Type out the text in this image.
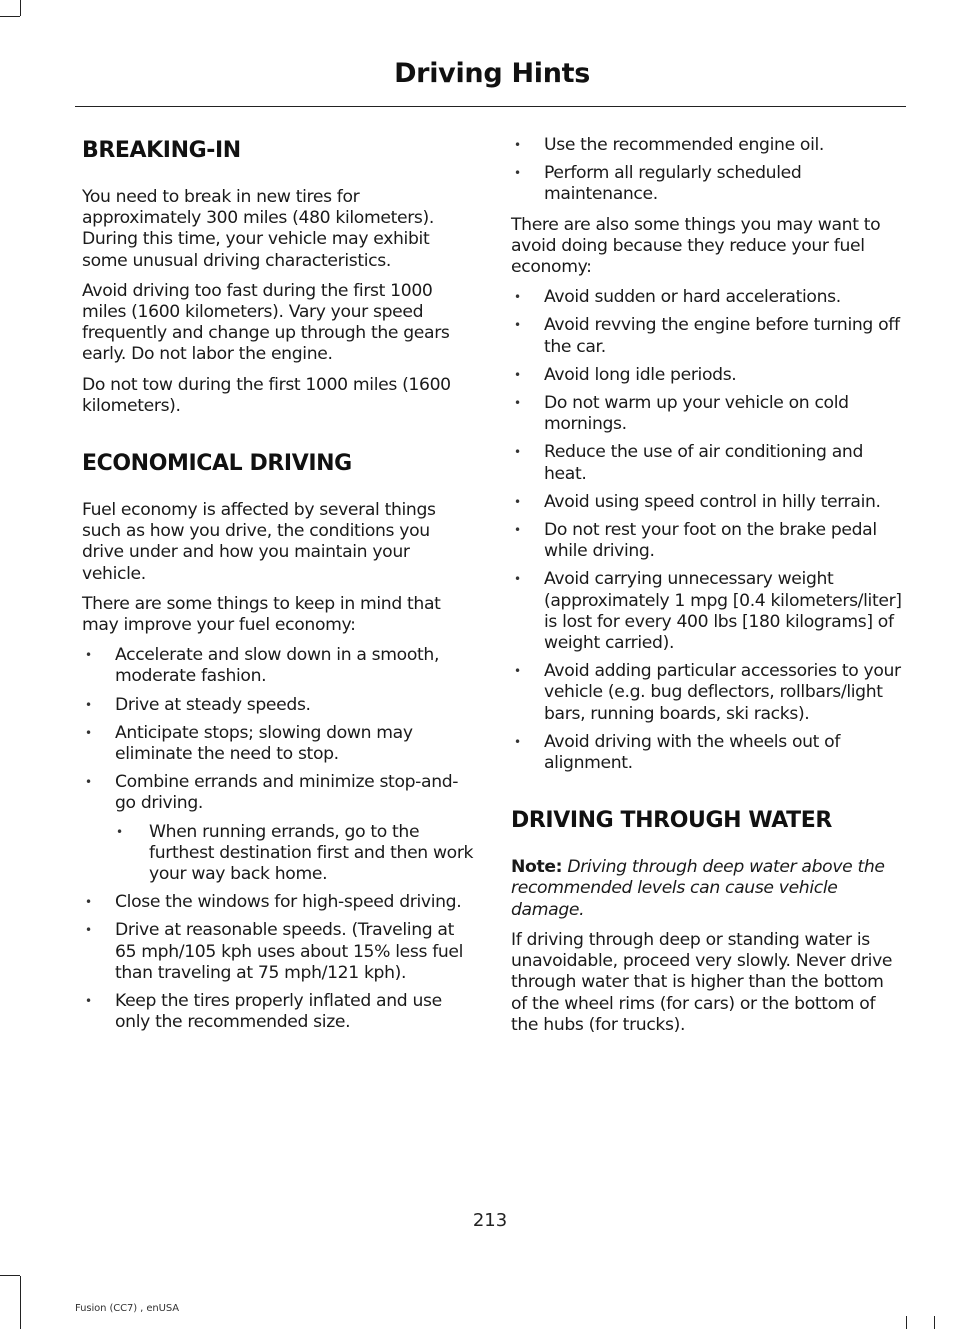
Driving Hints
BREAKING-IN

You need to break in new tires for approximately 300 miles (480 kilometers). During this time, your vehicle may exhibit some unusual driving characteristics.

Avoid driving too fast during the first 1000 miles (1600 kilometers). Vary your speed frequently and change up through the gears early. Do not labor the engine.

Do not tow during the first 1000 miles (1600 kilometers).

ECONOMICAL DRIVING

Fuel economy is affected by several things such as how you drive, the conditions you drive under and how you maintain your vehicle.

There are some things to keep in mind that may improve your fuel economy:

• Accelerate and slow down in a smooth, moderate fashion.
• Drive at steady speeds.
• Anticipate stops; slowing down may eliminate the need to stop.
• Combine errands and minimize stop-and-go driving.
• When running errands, go to the furthest destination first and then work your way back home.
• Close the windows for high-speed driving.
• Drive at reasonable speeds. (Traveling at 65 mph/105 kph uses about 15% less fuel than traveling at 75 mph/121 kph).
• Keep the tires properly inflated and use only the recommended size.
• Use the recommended engine oil.
• Perform all regularly scheduled maintenance.

There are also some things you may want to avoid doing because they reduce your fuel economy:

• Avoid sudden or hard accelerations.
• Avoid revving the engine before turning off the car.
• Avoid long idle periods.
• Do not warm up your vehicle on cold mornings.
• Reduce the use of air conditioning and heat.
• Avoid using speed control in hilly terrain.
• Do not rest your foot on the brake pedal while driving.
• Avoid carrying unnecessary weight (approximately 1 mpg [0.4 kilometers/liter] is lost for every 400 lbs [180 kilograms] of weight carried).
• Avoid adding particular accessories to your vehicle (e.g. bug deflectors, rollbars/light bars, running boards, ski racks).
• Avoid driving with the wheels out of alignment.
DRIVING THROUGH WATER

Note: Driving through deep water above the recommended levels can cause vehicle damage.

If driving through deep or standing water is unavoidable, proceed very slowly. Never drive through water that is higher than the bottom of the wheel rims (for cars) or the bottom of the hubs (for trucks).

213
Fusion (CC7) , enUSA
